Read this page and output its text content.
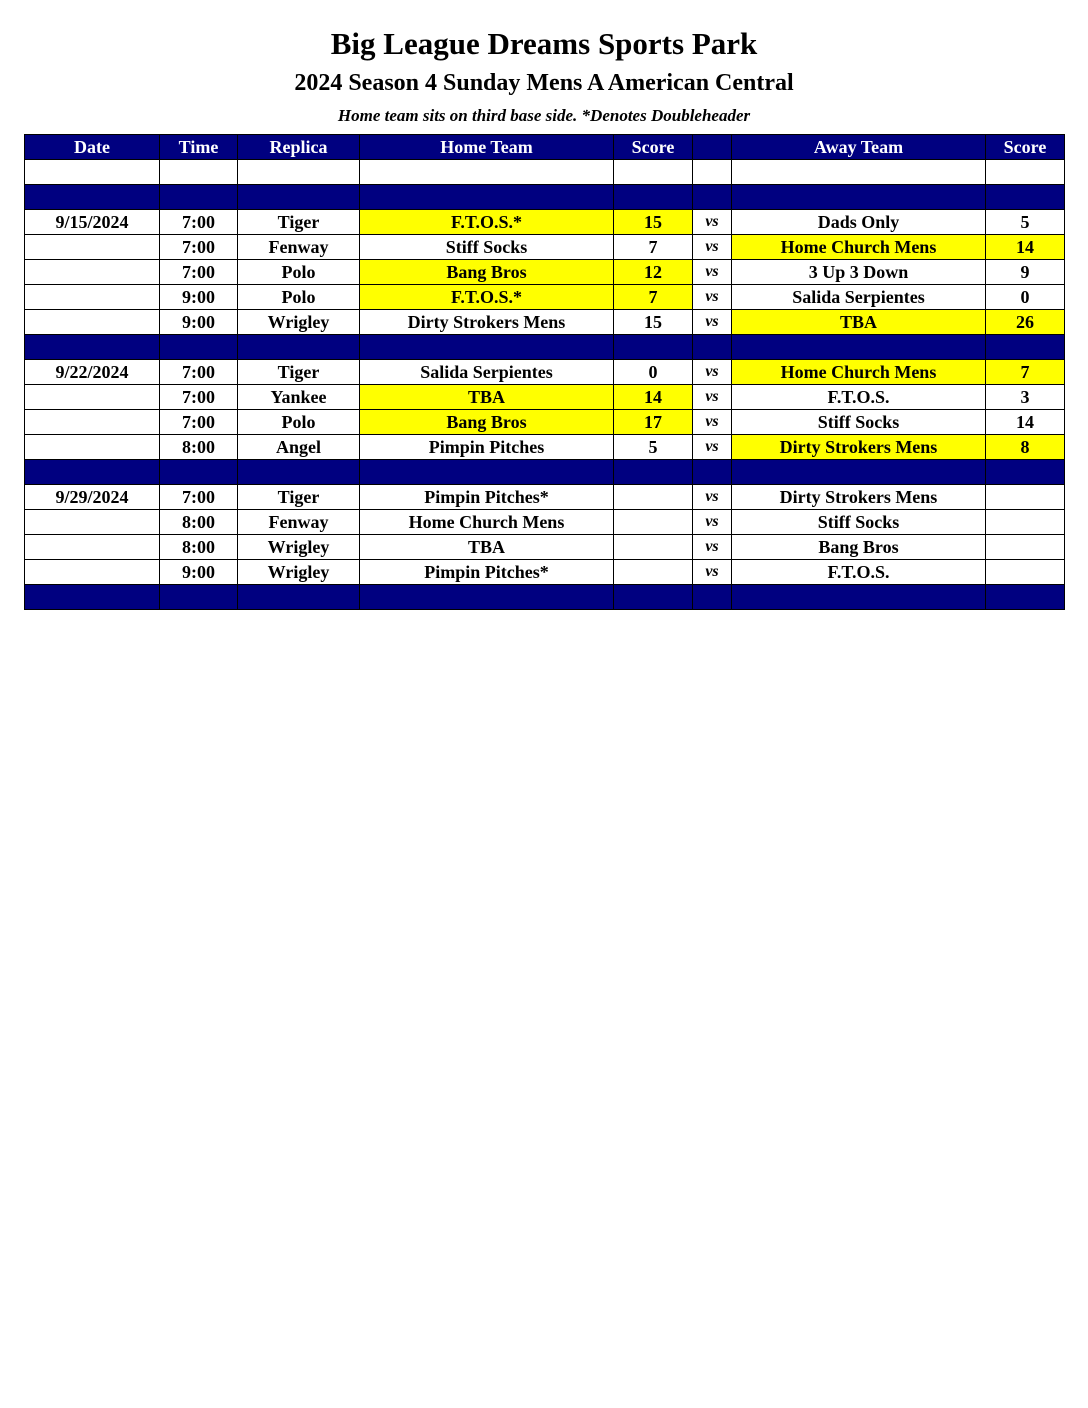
Big League Dreams Sports Park
2024 Season 4 Sunday Mens A American Central
Home team sits on third base side. *Denotes Doubleheader
Date	Time	Replica	Home Team	Score		Away Team	Score

9/15/2024	7:00	Tiger	F.T.O.S.*	15	vs	Dads Only	5
	7:00	Fenway	Stiff Socks	7	vs	Home Church Mens	14
	7:00	Polo	Bang Bros	12	vs	3 Up 3 Down	9
	9:00	Polo	F.T.O.S.*	7	vs	Salida Serpientes	0
	9:00	Wrigley	Dirty Strokers Mens	15	vs	TBA	26

9/22/2024	7:00	Tiger	Salida Serpientes	0	vs	Home Church Mens	7
	7:00	Yankee	TBA	14	vs	F.T.O.S.	3
	7:00	Polo	Bang Bros	17	vs	Stiff Socks	14
	8:00	Angel	Pimpin Pitches	5	vs	Dirty Strokers Mens	8

9/29/2024	7:00	Tiger	Pimpin Pitches*		vs	Dirty Strokers Mens	
	8:00	Fenway	Home Church Mens		vs	Stiff Socks	
	8:00	Wrigley	TBA		vs	Bang Bros	
	9:00	Wrigley	Pimpin Pitches*		vs	F.T.O.S.	
